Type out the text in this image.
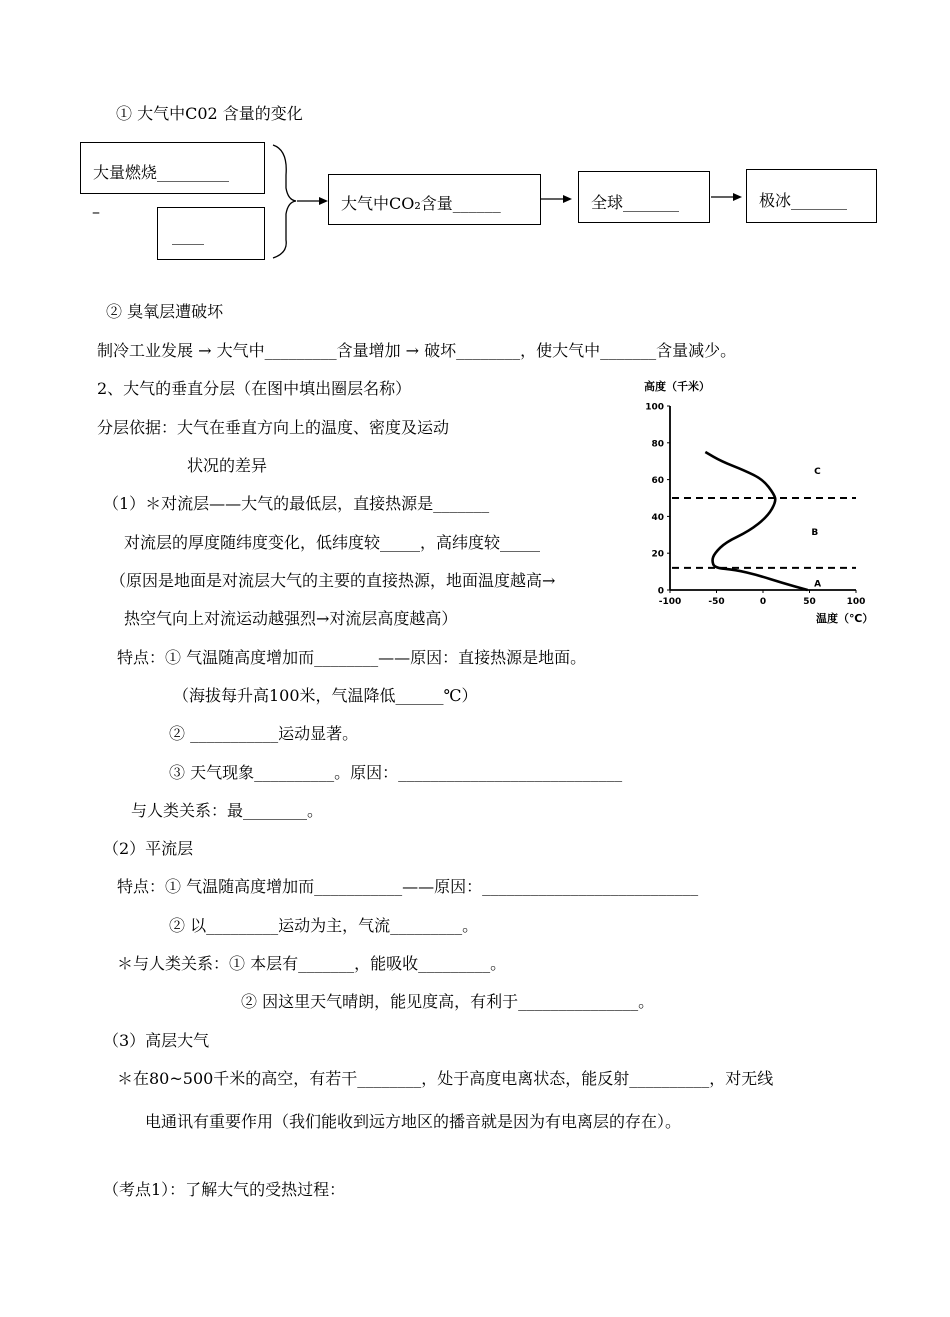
① 大气中C02 含量的变化
大量燃烧_________
–
____
大气中CO₂含量______	全球_______	极冰_______
② 臭氧层遭破坏
制冷工业发展 → 大气中_________含量增加 → 破坏________，使大气中_______含量减少。
2、大气的垂直分层（在图中填出圈层名称）
分层依据：大气在垂直方向上的温度、密度及运动
状况的差异
（1）＊对流层——大气的最低层，直接热源是_______
对流层的厚度随纬度变化，低纬度较_____，高纬度较_____
（原因是地面是对流层大气的主要的直接热源，地面温度越高→
热空气向上对流运动越强烈→对流层高度越高）
特点：① 气温随高度增加而________——原因：直接热源是地面。
（海拔每升高100米，气温降低______℃）
② ___________运动显著。
③ 天气现象__________。原因：____________________________
与人类关系：最________。
（2）平流层
特点：① 气温随高度增加而___________——原因：___________________________
② 以_________运动为主，气流_________。
＊与人类关系：① 本层有_______，能吸收_________。
② 因这里天气晴朗，能见度高，有利于_______________。
（3）高层大气
＊在80~500千米的高空，有若干________，处于高度电离状态，能反射__________，对无线
电通讯有重要作用（我们能收到远方地区的播音就是因为有电离层的存在）。
（考点1）：了解大气的受热过程：
高度（千米）
温度（℃）
0
20
40
60
80
100
-100	-50	0	50	100
A
B
C
